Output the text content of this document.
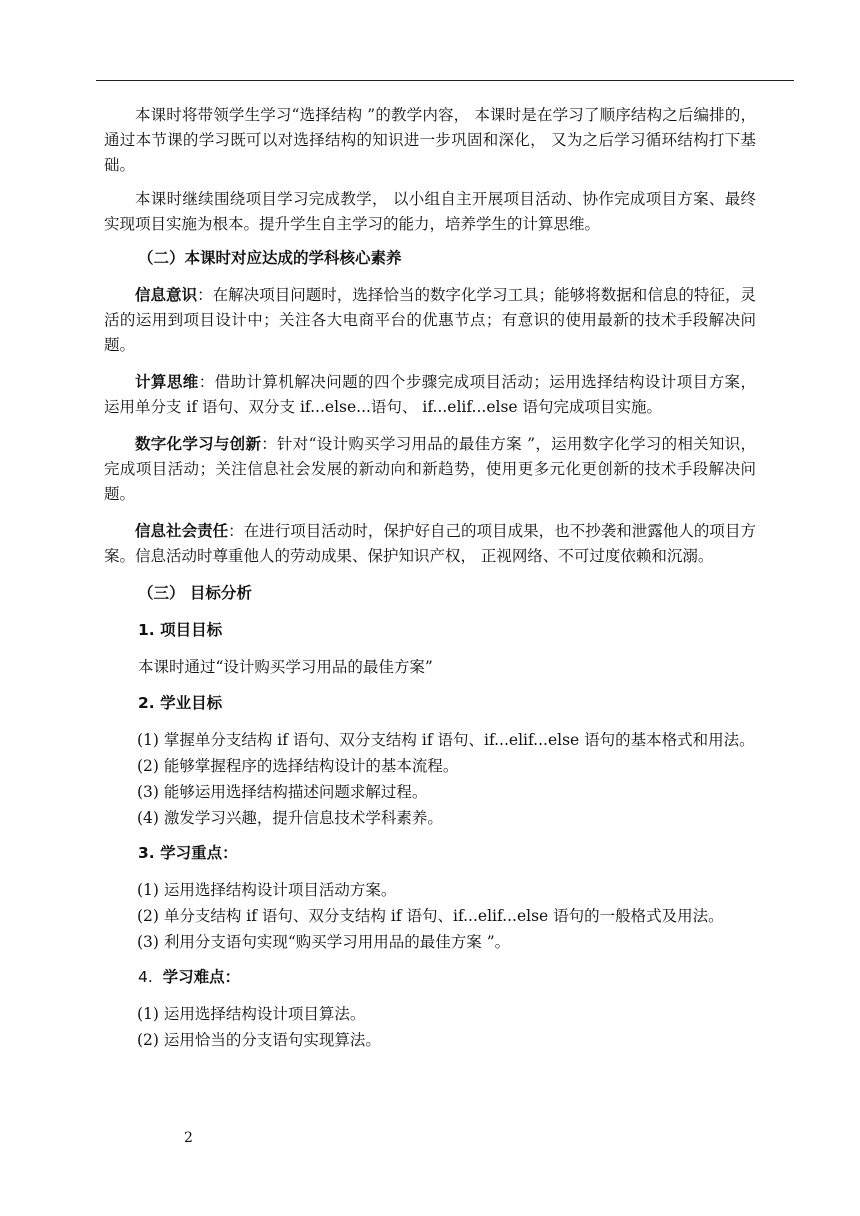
本课时将带领学生学习“选择结构 ”的教学内容， 本课时是在学习了顺序结构之后编排的， 通过本节课的学习既可以对选择结构的知识进一步巩固和深化， 又为之后学习循环结构打下基础。

本课时继续围绕项目学习完成教学， 以小组自主开展项目活动、协作完成项目方案、最终实现项目实施为根本。提升学生自主学习的能力，培养学生的计算思维。

（二）本课时对应达成的学科核心素养

信息意识：在解决项目问题时，选择恰当的数字化学习工具；能够将数据和信息的特征，灵活的运用到项目设计中；关注各大电商平台的优惠节点；有意识的使用最新的技术手段解决问题。

计算思维：借助计算机解决问题的四个步骤完成项目活动；运用选择结构设计项目方案， 运用单分支 if 语句、双分支 if...else...语句、 if...elif...else 语句完成项目实施。

数字化学习与创新：针对“设计购买学习用品的最佳方案 ”，运用数字化学习的相关知识，完成项目活动；关注信息社会发展的新动向和新趋势，使用更多元化更创新的技术手段解决问题。

信息社会责任：在进行项目活动时，保护好自己的项目成果，也不抄袭和泄露他人的项目方案。信息活动时尊重他人的劳动成果、保护知识产权， 正视网络、不可过度依赖和沉溺。

（三） 目标分析

1. 项目目标

本课时通过“设计购买学习用品的最佳方案”

2. 学业目标

(1) 掌握单分支结构 if 语句、双分支结构 if 语句、if...elif...else 语句的基本格式和用法。
(2) 能够掌握程序的选择结构设计的基本流程。
(3) 能够运用选择结构描述问题求解过程。
(4) 激发学习兴趣，提升信息技术学科素养。

3. 学习重点：

(1) 运用选择结构设计项目活动方案。
(2) 单分支结构 if 语句、双分支结构 if 语句、if...elif...else 语句的一般格式及用法。
(3) 利用分支语句实现“购买学习用用品的最佳方案 ”。

4. 学习难点：

(1) 运用选择结构设计项目算法。
(2) 运用恰当的分支语句实现算法。
2
